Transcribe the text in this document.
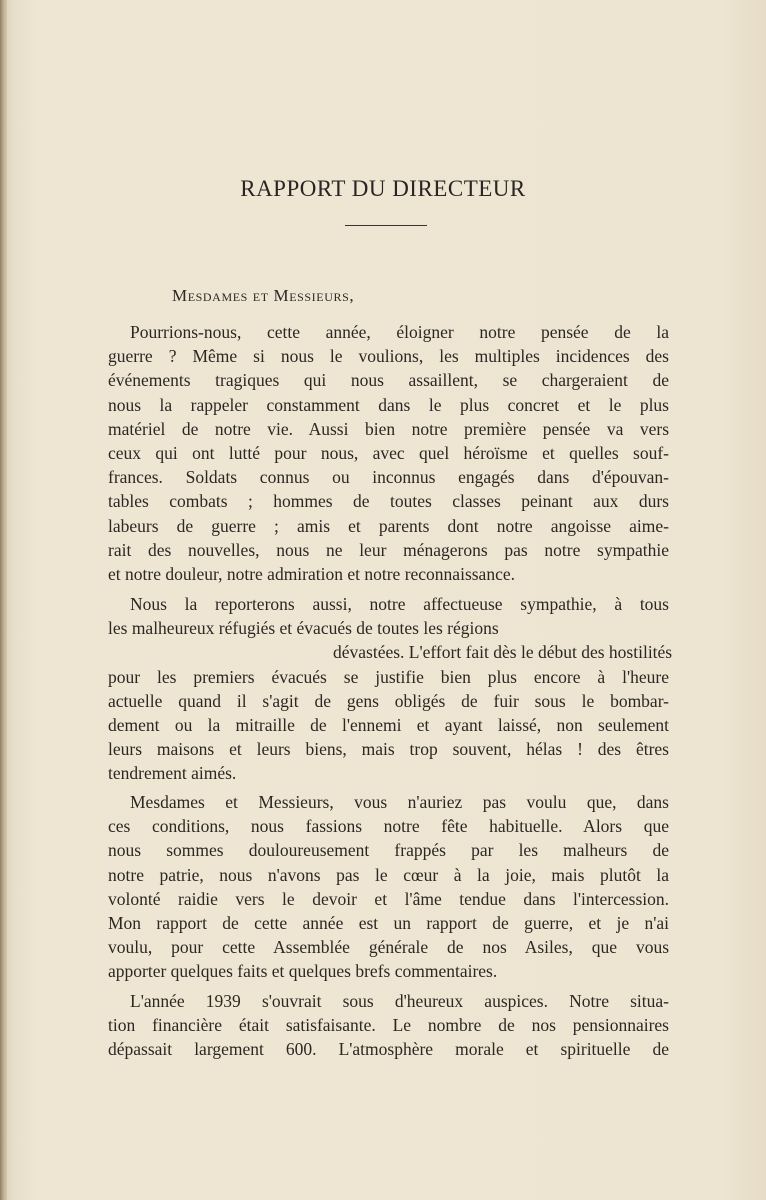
RAPPORT DU DIRECTEUR
Mesdames et Messieurs,
Pourrions-nous, cette année, éloigner notre pensée de la
guerre ? Même si nous le voulions, les multiples incidences des
événements tragiques qui nous assaillent, se chargeraient de
nous la rappeler constamment dans le plus concret et le plus
matériel de notre vie. Aussi bien notre première pensée va vers
ceux qui ont lutté pour nous, avec quel héroïsme et quelles souf-
frances. Soldats connus ou inconnus engagés dans d'épouvan-
tables combats ; hommes de toutes classes peinant aux durs
labeurs de guerre ; amis et parents dont notre angoisse aime-
rait des nouvelles, nous ne leur ménagerons pas notre sympathie
et notre douleur, notre admiration et notre reconnaissance.
Nous la reporterons aussi, notre affectueuse sympathie, à tous
les malheureux réfugiés et évacués de toutes les régions
dévastées. L'effort fait dès le début des hostilités
pour les premiers évacués se justifie bien plus encore à l'heure
actuelle quand il s'agit de gens obligés de fuir sous le bombar-
dement ou la mitraille de l'ennemi et ayant laissé, non seulement
leurs maisons et leurs biens, mais trop souvent, hélas ! des êtres
tendrement aimés.
Mesdames et Messieurs, vous n'auriez pas voulu que, dans
ces conditions, nous fassions notre fête habituelle. Alors que
nous sommes douloureusement frappés par les malheurs de
notre patrie, nous n'avons pas le cœur à la joie, mais plutôt la
volonté raidie vers le devoir et l'âme tendue dans l'intercession.
Mon rapport de cette année est un rapport de guerre, et je n'ai
voulu, pour cette Assemblée générale de nos Asiles, que vous
apporter quelques faits et quelques brefs commentaires.
L'année 1939 s'ouvrait sous d'heureux auspices. Notre situa-
tion financière était satisfaisante. Le nombre de nos pensionnaires
dépassait largement 600. L'atmosphère morale et spirituelle de
